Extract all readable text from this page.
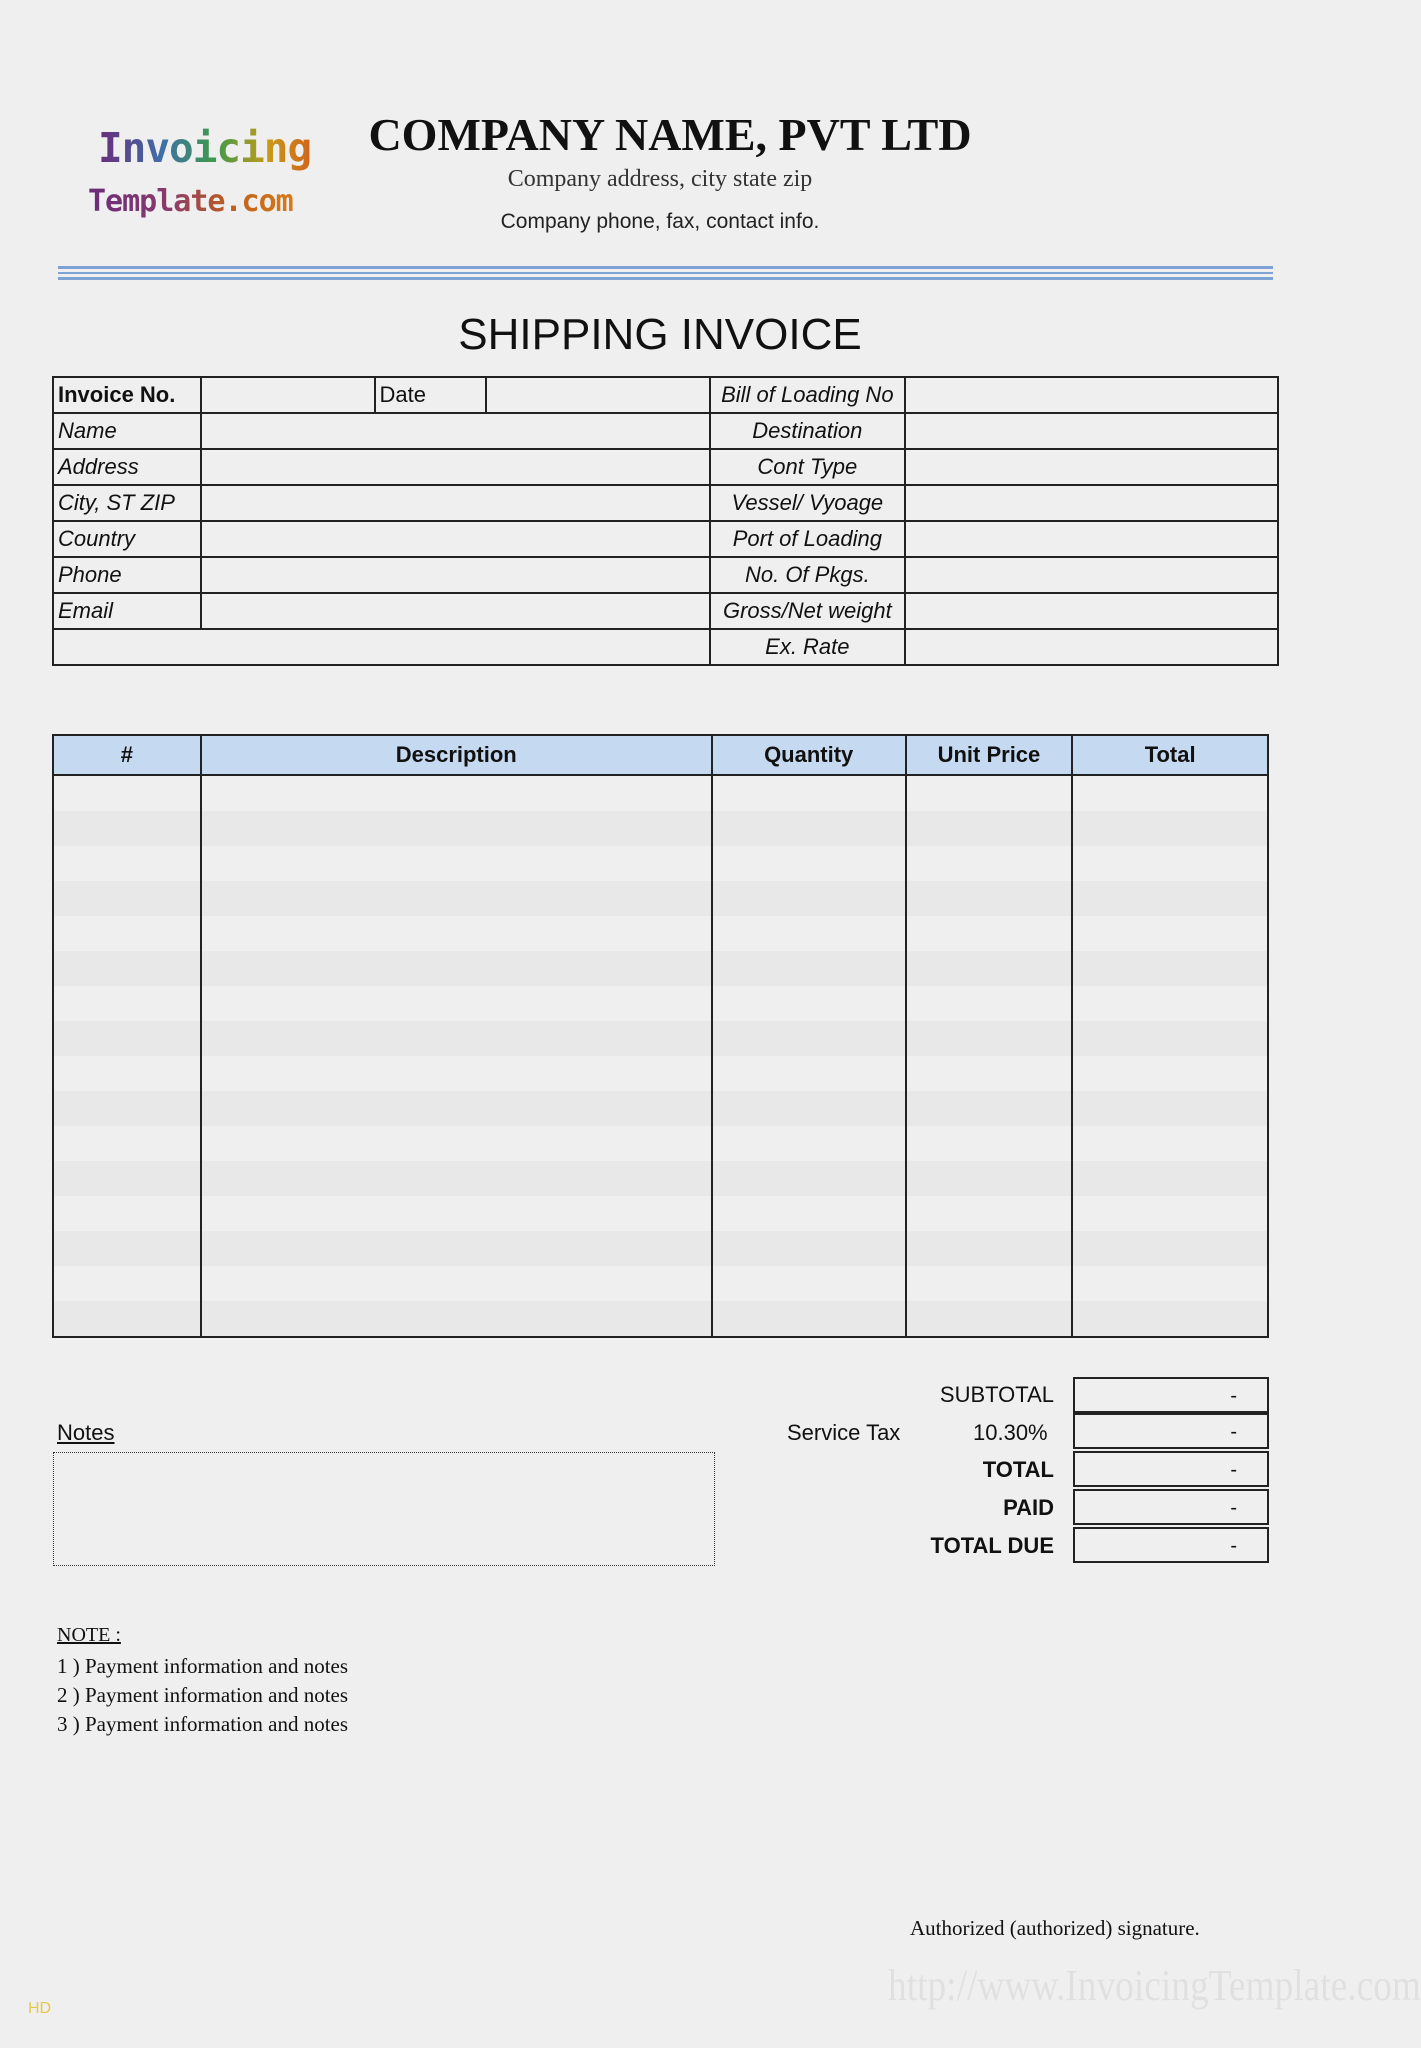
Invoicing
Template.com
COMPANY NAME, PVT LTD
Company address, city state zip
Company phone, fax, contact info.
SHIPPING INVOICE
Invoice No.		Date		Bill of Loading No	
Name				Destination	
Address				Cont Type	
City, ST ZIP				Vessel/ Vyoage	
Country				Port of Loading	
Phone				No. Of Pkgs.	
Email				Gross/Net weight	
				Ex. Rate	
#	Description	Quantity	Unit Price	Total

SUBTOTAL	-
Service Tax	10.30%	-
TOTAL	-
PAID	-
TOTAL DUE	-
Notes
NOTE :
1 ) Payment information and notes
2 ) Payment information and notes
3 ) Payment information and notes
Authorized (authorized) signature.
http://www.InvoicingTemplate.com
HD
